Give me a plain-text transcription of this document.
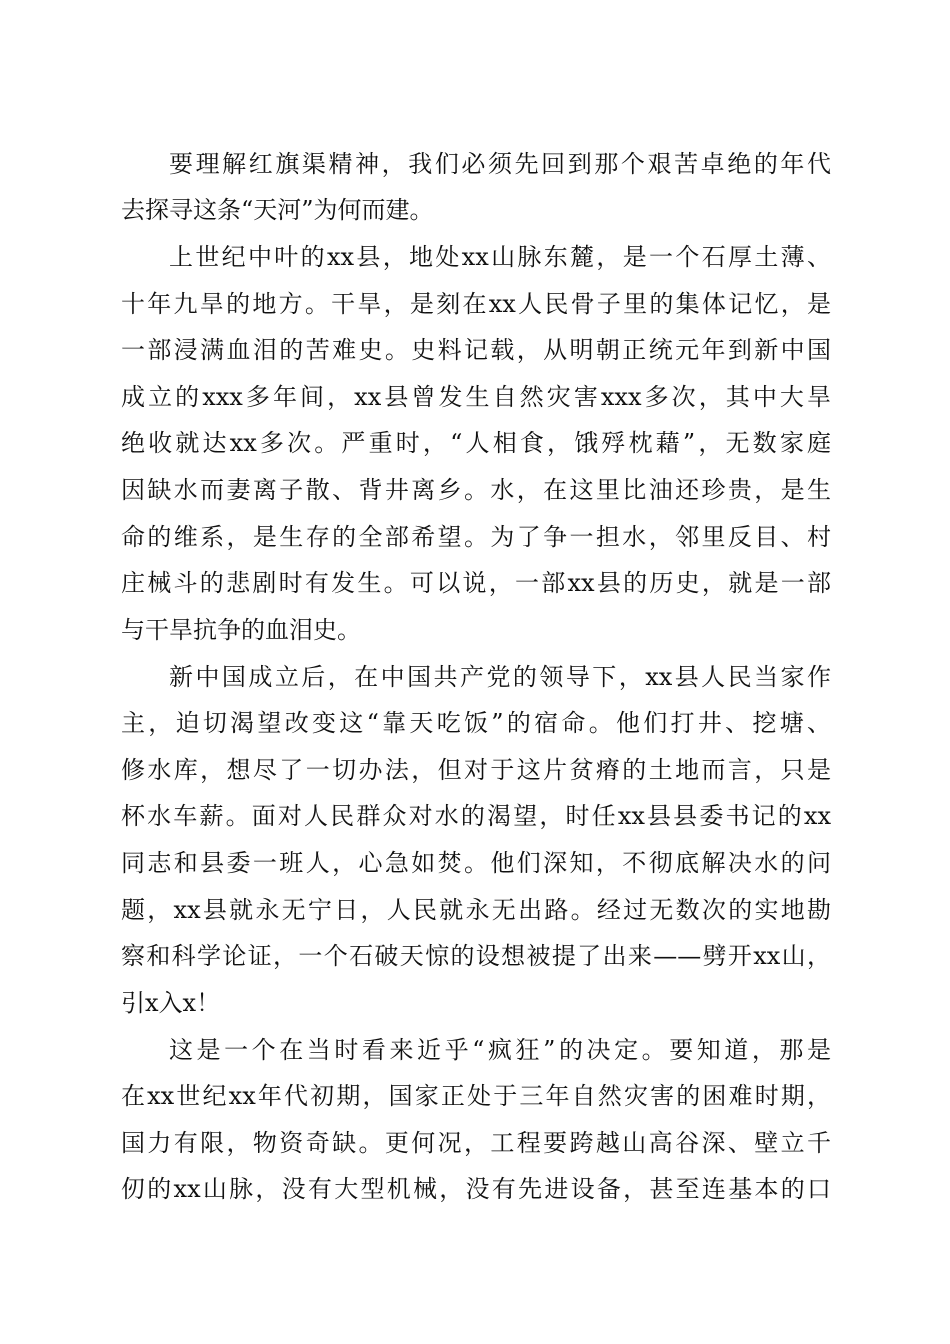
要理解红旗渠精神，我们必须先回到那个艰苦卓绝的年代
去探寻这条“天河”为何而建。
上世纪中叶的xx县，地处xx山脉东麓，是一个石厚土薄、
十年九旱的地方。干旱，是刻在xx人民骨子里的集体记忆，是
一部浸满血泪的苦难史。史料记载，从明朝正统元年到新中国
成立的xxx多年间，xx县曾发生自然灾害xxx多次，其中大旱
绝收就达xx多次。严重时，“人相食，饿殍枕藉”，无数家庭
因缺水而妻离子散、背井离乡。水，在这里比油还珍贵，是生
命的维系，是生存的全部希望。为了争一担水，邻里反目、村
庄械斗的悲剧时有发生。可以说，一部xx县的历史，就是一部
与干旱抗争的血泪史。
新中国成立后，在中国共产党的领导下，xx县人民当家作
主，迫切渴望改变这“靠天吃饭”的宿命。他们打井、挖塘、
修水库，想尽了一切办法，但对于这片贫瘠的土地而言，只是
杯水车薪。面对人民群众对水的渴望，时任xx县县委书记的xx
同志和县委一班人，心急如焚。他们深知，不彻底解决水的问
题，xx县就永无宁日，人民就永无出路。经过无数次的实地勘
察和科学论证，一个石破天惊的设想被提了出来——劈开xx山，
引x入x！
这是一个在当时看来近乎“疯狂”的决定。要知道，那是
在xx世纪xx年代初期，国家正处于三年自然灾害的困难时期，
国力有限，物资奇缺。更何况，工程要跨越山高谷深、壁立千
仞的xx山脉，没有大型机械，没有先进设备，甚至连基本的口
